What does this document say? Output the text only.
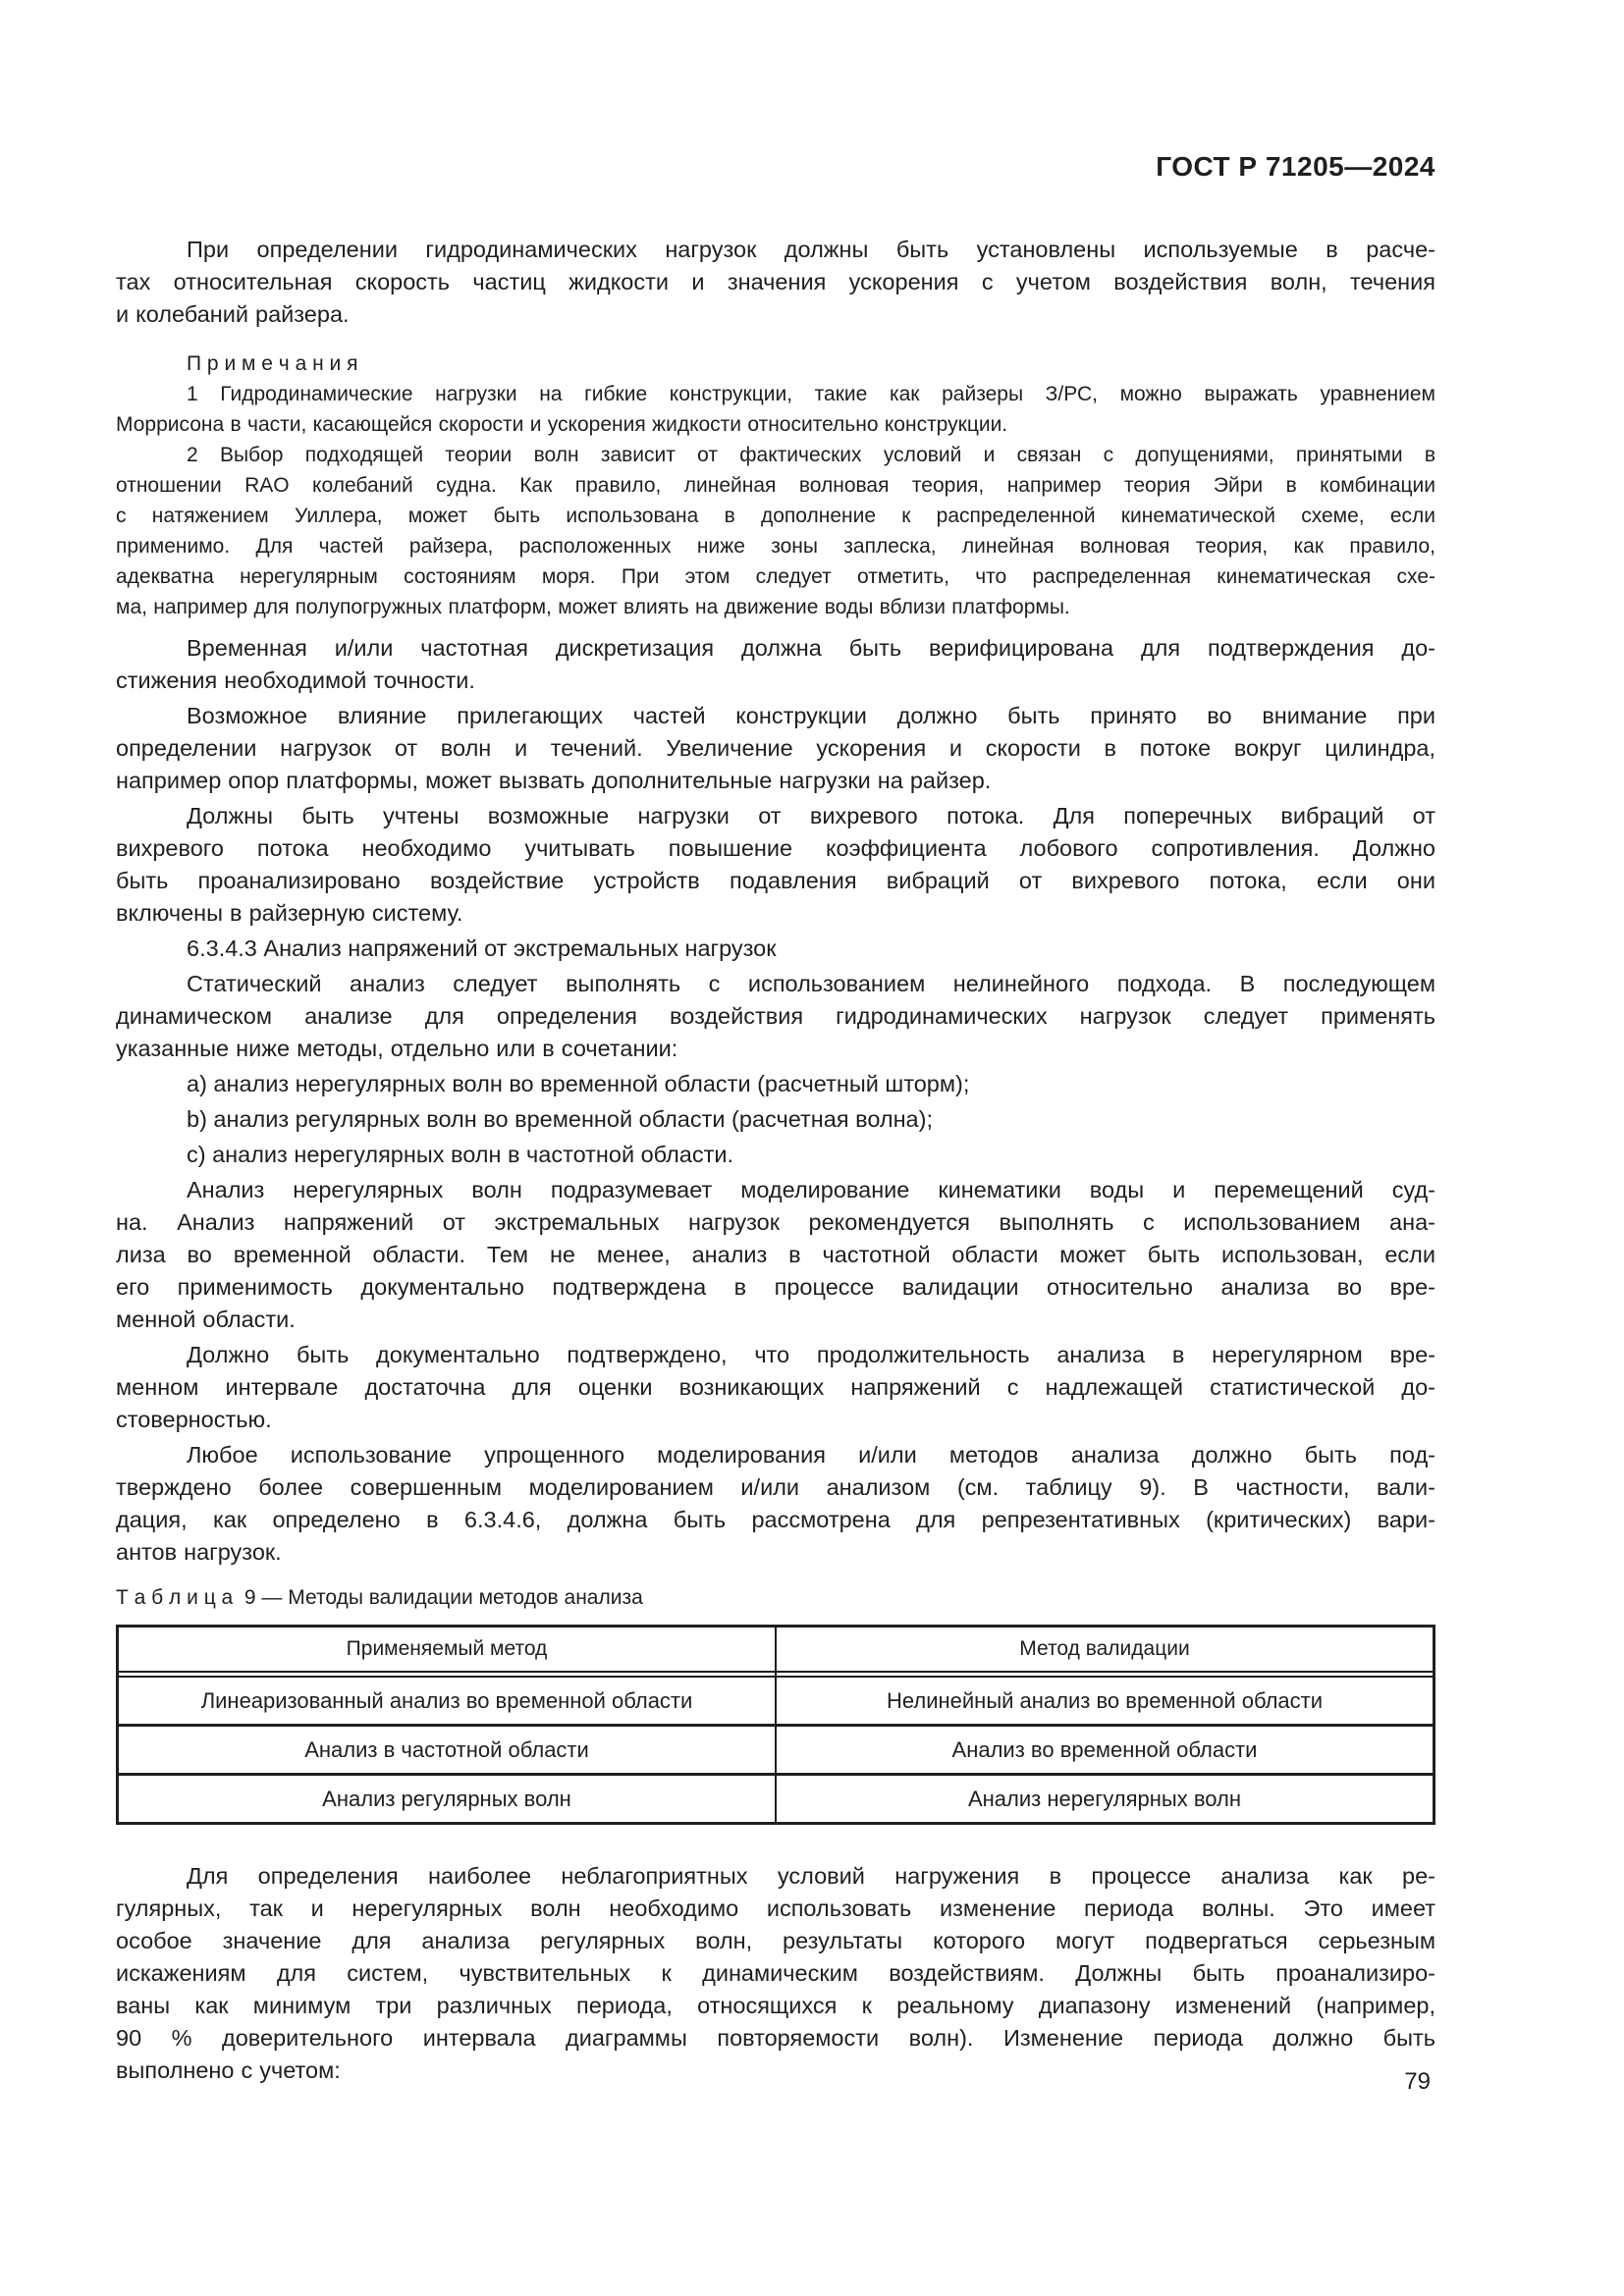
ГОСТ Р 71205—2024
При определении гидродинамических нагрузок должны быть установлены используемые в расче-
тах относительная скорость частиц жидкости и значения ускорения с учетом воздействия волн, течения
и колебаний райзера.
П р и м е ч а н и я
1 Гидродинамические нагрузки на гибкие конструкции, такие как райзеры З/РС, можно выражать уравнением
Моррисона в части, касающейся скорости и ускорения жидкости относительно конструкции.
2 Выбор подходящей теории волн зависит от фактических условий и связан с допущениями, принятыми в
отношении RAO колебаний судна. Как правило, линейная волновая теория, например теория Эйри в комбинации
с натяжением Уиллера, может быть использована в дополнение к распределенной кинематической схеме, если
применимо. Для частей райзера, расположенных ниже зоны заплеска, линейная волновая теория, как правило,
адекватна нерегулярным состояниям моря. При этом следует отметить, что распределенная кинематическая схе-
ма, например для полупогружных платформ, может влиять на движение воды вблизи платформы.
Временная и/или частотная дискретизация должна быть верифицирована для подтверждения до-
стижения необходимой точности.
Возможное влияние прилегающих частей конструкции должно быть принято во внимание при
определении нагрузок от волн и течений. Увеличение ускорения и скорости в потоке вокруг цилиндра,
например опор платформы, может вызвать дополнительные нагрузки на райзер.
Должны быть учтены возможные нагрузки от вихревого потока. Для поперечных вибраций от
вихревого потока необходимо учитывать повышение коэффициента лобового сопротивления. Должно
быть проанализировано воздействие устройств подавления вибраций от вихревого потока, если они
включены в райзерную систему.
6.3.4.3 Анализ напряжений от экстремальных нагрузок
Статический анализ следует выполнять с использованием нелинейного подхода. В последующем
динамическом анализе для определения воздействия гидродинамических нагрузок следует применять
указанные ниже методы, отдельно или в сочетании:
а) анализ нерегулярных волн во временной области (расчетный шторм);
b) анализ регулярных волн во временной области (расчетная волна);
c) анализ нерегулярных волн в частотной области.
Анализ нерегулярных волн подразумевает моделирование кинематики воды и перемещений суд-
на. Анализ напряжений от экстремальных нагрузок рекомендуется выполнять с использованием ана-
лиза во временной области. Тем не менее, анализ в частотной области может быть использован, если
его применимость документально подтверждена в процессе валидации относительно анализа во вре-
менной области.
Должно быть документально подтверждено, что продолжительность анализа в нерегулярном вре-
менном интервале достаточна для оценки возникающих напряжений с надлежащей статистической до-
стоверностью.
Любое использование упрощенного моделирования и/или методов анализа должно быть под-
тверждено более совершенным моделированием и/или анализом (см. таблицу 9). В частности, вали-
дация, как определено в 6.3.4.6, должна быть рассмотрена для репрезентативных (критических) вари-
антов нагрузок.
Т а б л и ц а  9 — Методы валидации методов анализа
Применяемый метод	Метод валидации
Линеаризованный анализ во временной области	Нелинейный анализ во временной области
Анализ в частотной области	Анализ во временной области
Анализ регулярных волн	Анализ нерегулярных волн
Для определения наиболее неблагоприятных условий нагружения в процессе анализа как ре-
гулярных, так и нерегулярных волн необходимо использовать изменение периода волны. Это имеет
особое значение для анализа регулярных волн, результаты которого могут подвергаться серьезным
искажениям для систем, чувствительных к динамическим воздействиям. Должны быть проанализиро-
ваны как минимум три различных периода, относящихся к реальному диапазону изменений (например,
90 % доверительного интервала диаграммы повторяемости волн). Изменение периода должно быть
выполнено с учетом:	79
